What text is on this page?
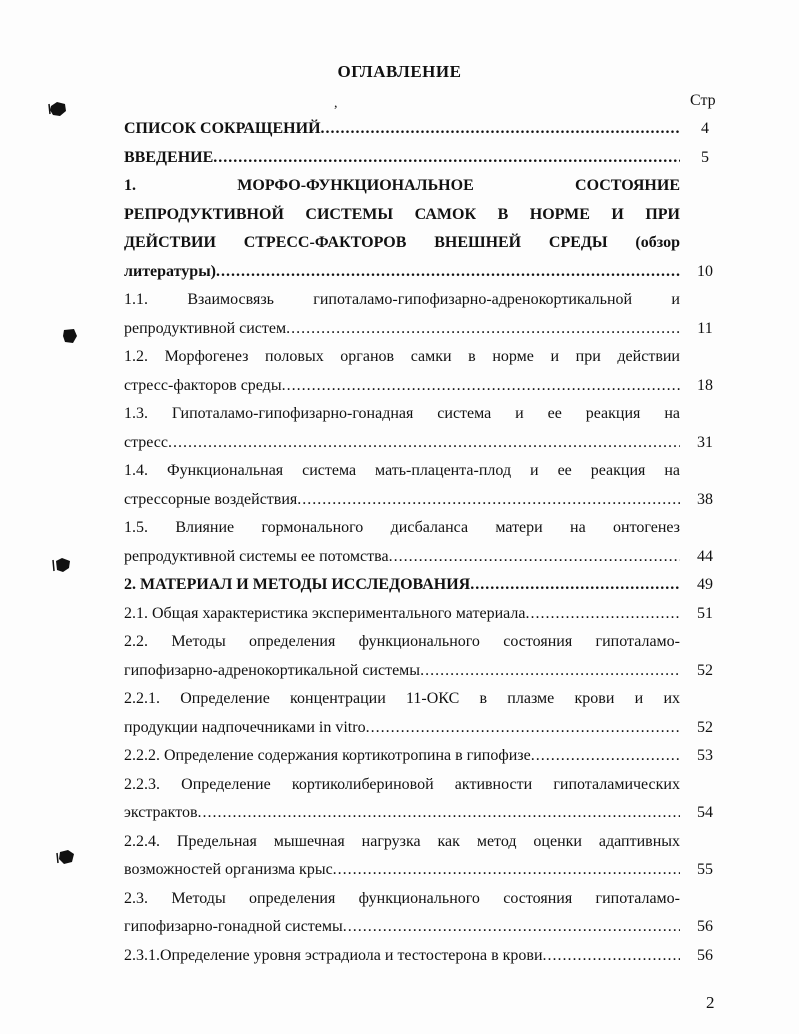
ОГЛАВЛЕНИЕ
Стр
,
СПИСОК СОКРАЩЕНИЙ .....	4
ВВЕДЕНИЕ .....	5
1. МОРФО-ФУНКЦИОНАЛЬНОЕ СОСТОЯНИЕ
РЕПРОДУКТИВНОЙ СИСТЕМЫ САМОК В НОРМЕ И ПРИ
ДЕЙСТВИИ СТРЕСС-ФАКТОРОВ ВНЕШНЕЙ СРЕДЫ (обзор
литературы) .....	10
1.1. Взаимосвязь гипоталамо-гипофизарно-адренокортикальной и
репродуктивной систем .....	11
1.2. Морфогенез половых органов самки в норме и при действии
стресс-факторов среды .....	18
1.3. Гипоталамо-гипофизарно-гонадная система и ее реакция на
стресс .....	31
1.4. Функциональная система мать-плацента-плод и ее реакция на
стрессорные воздействия .....	38
1.5. Влияние гормонального дисбаланса матери на онтогенез
репродуктивной системы ее потомства .....	44
2. МАТЕРИАЛ И МЕТОДЫ ИССЛЕДОВАНИЯ .....	49
2.1. Общая характеристика экспериментального материала .....	51
2.2. Методы определения функционального состояния гипоталамо-
гипофизарно-адренокортикальной системы .....	52
2.2.1. Определение концентрации 11-ОКС в плазме крови и их
продукции надпочечниками in vitro .....	52
2.2.2. Определение содержания кортикотропина в гипофизе .....	53
2.2.3. Определение кортиколибериновой активности гипоталамических
экстрактов .....	54
2.2.4. Предельная мышечная нагрузка как метод оценки адаптивных
возможностей организма крыс .....	55
2.3. Методы определения функционального состояния гипоталамо-
гипофизарно-гонадной системы .....	56
2.3.1.Определение уровня эстрадиола и тестостерона в крови .....	56
2
